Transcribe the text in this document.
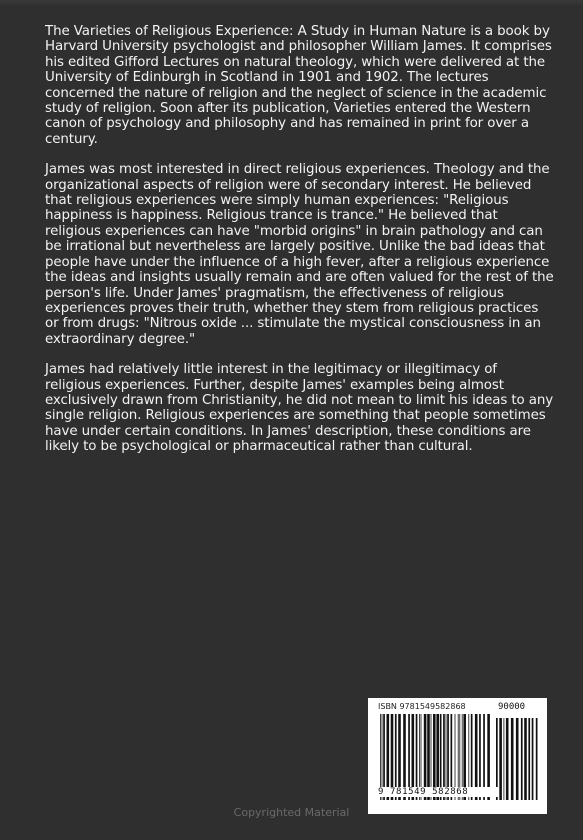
The Varieties of Religious Experience: A Study in Human Nature is a book by Harvard University psychologist and philosopher William James. It comprises his edited Gifford Lectures on natural theology, which were delivered at the University of Edinburgh in Scotland in 1901 and 1902. The lectures concerned the nature of religion and the neglect of science in the academic study of religion. Soon after its publication, Varieties entered the Western canon of psychology and philosophy and has remained in print for over a century.

James was most interested in direct religious experiences. Theology and the organizational aspects of religion were of secondary interest. He believed that religious experiences were simply human experiences: "Religious happiness is happiness. Religious trance is trance." He believed that religious experiences can have "morbid origins" in brain pathology and can be irrational but nevertheless are largely positive. Unlike the bad ideas that people have under the influence of a high fever, after a religious experience the ideas and insights usually remain and are often valued for the rest of the person's life. Under James' pragmatism, the effectiveness of religious experiences proves their truth, whether they stem from religious practices or from drugs: "Nitrous oxide ... stimulate the mystical consciousness in an extraordinary degree."

James had relatively little interest in the legitimacy or illegitimacy of religious experiences. Further, despite James' examples being almost exclusively drawn from Christianity, he did not mean to limit his ideas to any single religion. Religious experiences are something that people sometimes have under certain conditions. In James' description, these conditions are likely to be psychological or pharmaceutical rather than cultural.

ISBN 9781549582868	90000
9 781549 582868
Copyrighted Material
